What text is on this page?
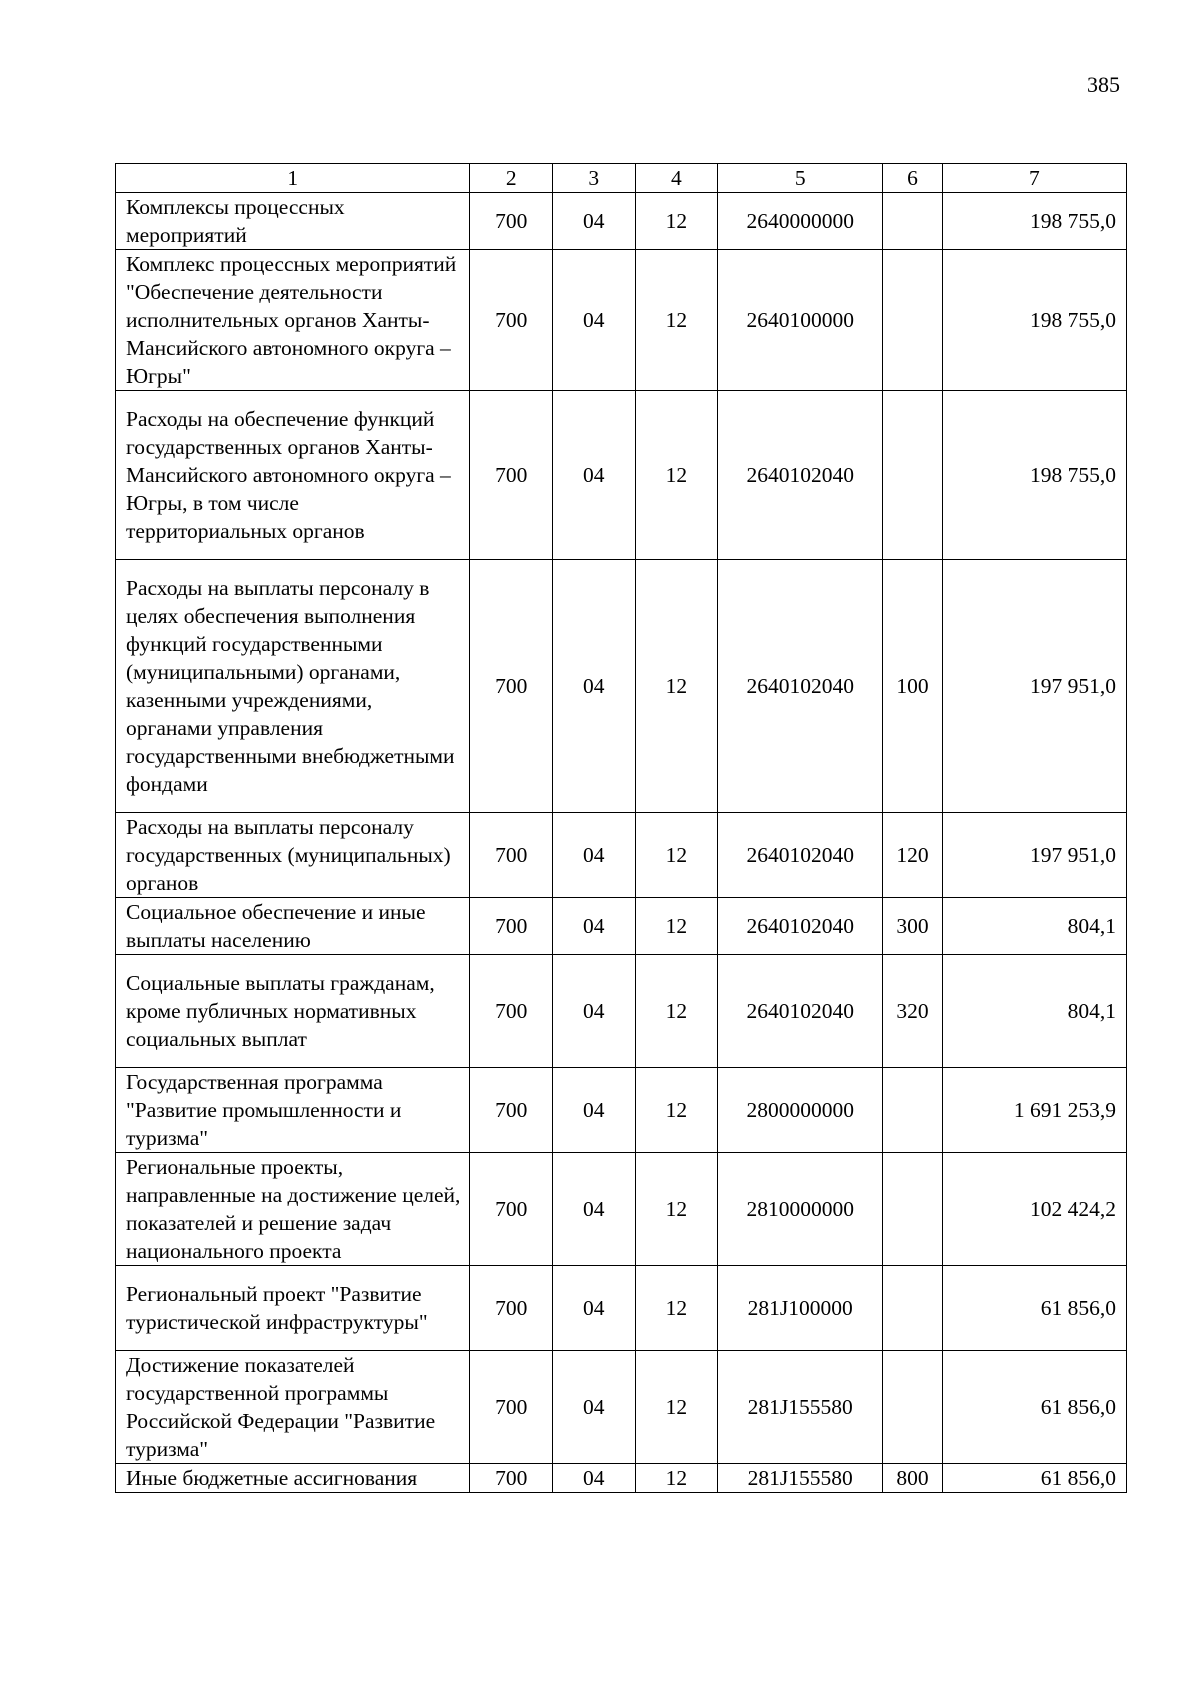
385
1	2	3	4	5	6	7
Комплексы процессных мероприятий	700	04	12	2640000000		198 755,0
Комплекс процессных мероприятий "Обеспечение деятельности исполнительных органов Ханты-Мансийского автономного округа – Югры"	700	04	12	2640100000		198 755,0
Расходы на обеспечение функций государственных органов Ханты-Мансийского автономного округа – Югры, в том числе территориальных органов	700	04	12	2640102040		198 755,0
Расходы на выплаты персоналу в целях обеспечения выполнения функций государственными (муниципальными) органами, казенными учреждениями, органами управления государственными внебюджетными фондами	700	04	12	2640102040	100	197 951,0
Расходы на выплаты персоналу государственных (муниципальных) органов	700	04	12	2640102040	120	197 951,0
Социальное обеспечение и иные выплаты населению	700	04	12	2640102040	300	804,1
Социальные выплаты гражданам, кроме публичных нормативных социальных выплат	700	04	12	2640102040	320	804,1
Государственная программа "Развитие промышленности и туризма"	700	04	12	2800000000		1 691 253,9
Региональные проекты, направленные на достижение целей, показателей и решение задач национального проекта	700	04	12	2810000000		102 424,2
Региональный проект "Развитие туристической инфраструктуры"	700	04	12	281J100000		61 856,0
Достижение показателей государственной программы Российской Федерации "Развитие туризма"	700	04	12	281J155580		61 856,0
Иные бюджетные ассигнования	700	04	12	281J155580	800	61 856,0
